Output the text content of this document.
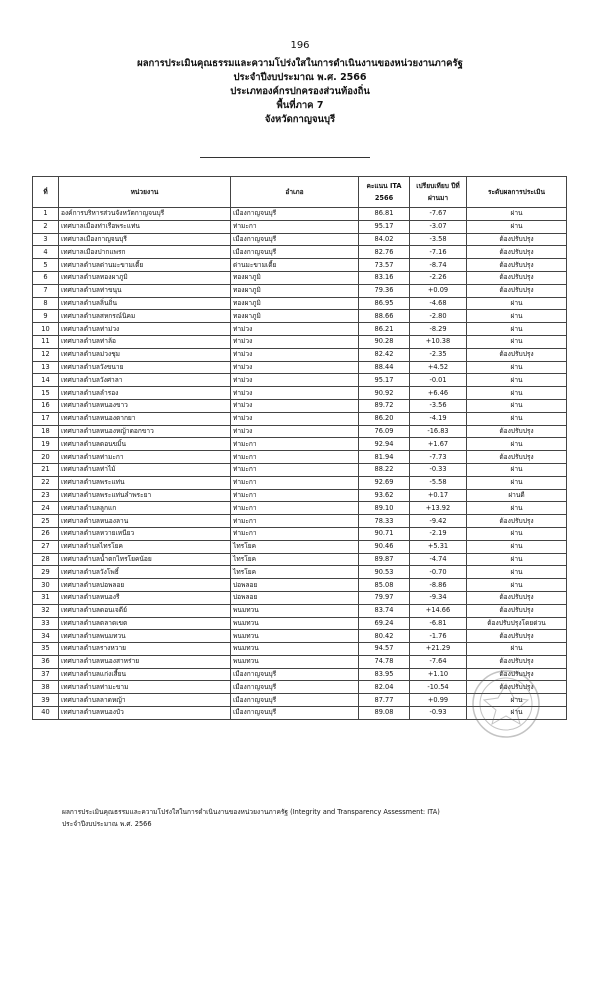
196
ผลการประเมินคุณธรรมและความโปร่งใสในการดำเนินงานของหน่วยงานภาครัฐ
ประจำปีงบประมาณ พ.ศ. 2566
ประเภทองค์กรปกครองส่วนท้องถิ่น
พื้นที่ภาค 7
จังหวัดกาญจนบุรี
ที่	หน่วยงาน	อำเภอ	คะแนน ITA 2566	เปรียบเทียบ ปีที่ผ่านมา	ระดับผลการประเมิน
1	องค์การบริหารส่วนจังหวัดกาญจนบุรี	เมืองกาญจนบุรี	86.81	-7.67	ผ่าน
2	เทศบาลเมืองท่าเรือพระแท่น	ท่ามะกา	95.17	-3.07	ผ่าน
3	เทศบาลเมืองกาญจนบุรี	เมืองกาญจนบุรี	84.02	-3.58	ต้องปรับปรุง
4	เทศบาลเมืองปากแพรก	เมืองกาญจนบุรี	82.76	-7.16	ต้องปรับปรุง
5	เทศบาลตำบลด่านมะขามเตี้ย	ด่านมะขามเตี้ย	73.57	-8.74	ต้องปรับปรุง
6	เทศบาลตำบลทองผาภูมิ	ทองผาภูมิ	83.16	-2.26	ต้องปรับปรุง
7	เทศบาลตำบลท่าขนุน	ทองผาภูมิ	79.36	+0.09	ต้องปรับปรุง
8	เทศบาลตำบลลิ่นถิ่น	ทองผาภูมิ	86.95	-4.68	ผ่าน
9	เทศบาลตำบลสหกรณ์นิคม	ทองผาภูมิ	88.66	-2.80	ผ่าน
10	เทศบาลตำบลท่าม่วง	ท่าม่วง	86.21	-8.29	ผ่าน
11	เทศบาลตำบลท่าล้อ	ท่าม่วง	90.28	+10.38	ผ่าน
12	เทศบาลตำบลม่วงชุม	ท่าม่วง	82.42	-2.35	ต้องปรับปรุง
13	เทศบาลตำบลวังขนาย	ท่าม่วง	88.44	+4.52	ผ่าน
14	เทศบาลตำบลวังศาลา	ท่าม่วง	95.17	-0.01	ผ่าน
15	เทศบาลตำบลลำรอง	ท่าม่วง	90.92	+6.46	ผ่าน
16	เทศบาลตำบลหนองขาว	ท่าม่วง	89.72	-3.56	ผ่าน
17	เทศบาลตำบลหนองตากยา	ท่าม่วง	86.20	-4.19	ผ่าน
18	เทศบาลตำบลหนองหญ้าดอกขาว	ท่าม่วง	76.09	-16.83	ต้องปรับปรุง
19	เทศบาลตำบลดอนขมิ้น	ท่ามะกา	92.94	+1.67	ผ่าน
20	เทศบาลตำบลท่ามะกา	ท่ามะกา	81.94	-7.73	ต้องปรับปรุง
21	เทศบาลตำบลท่าไม้	ท่ามะกา	88.22	-0.33	ผ่าน
22	เทศบาลตำบลพระแท่น	ท่ามะกา	92.69	-5.58	ผ่าน
23	เทศบาลตำบลพระแท่นลำพระยา	ท่ามะกา	93.62	+0.17	ผ่านดี
24	เทศบาลตำบลลูกแก	ท่ามะกา	89.10	+13.92	ผ่าน
25	เทศบาลตำบลหนองลาน	ท่ามะกา	78.33	-9.42	ต้องปรับปรุง
26	เทศบาลตำบลหวายเหนียว	ท่ามะกา	90.71	-2.19	ผ่าน
27	เทศบาลตำบลไทรโยค	ไทรโยค	90.46	+5.31	ผ่าน
28	เทศบาลตำบลน้ำตกไทรโยคน้อย	ไทรโยค	89.87	-4.74	ผ่าน
29	เทศบาลตำบลวังโพธิ์	ไทรโยค	90.53	-0.70	ผ่าน
30	เทศบาลตำบลบ่อพลอย	บ่อพลอย	85.08	-8.86	ผ่าน
31	เทศบาลตำบลหนองรี	บ่อพลอย	79.97	-9.34	ต้องปรับปรุง
32	เทศบาลตำบลดอนเจดีย์	พนมทวน	83.74	+14.66	ต้องปรับปรุง
33	เทศบาลตำบลตลาดเขต	พนมทวน	69.24	-6.81	ต้องปรับปรุงโดยด่วน
34	เทศบาลตำบลพนมทวน	พนมทวน	80.42	-1.76	ต้องปรับปรุง
35	เทศบาลตำบลรางหวาย	พนมทวน	94.57	+21.29	ผ่าน
36	เทศบาลตำบลหนองสาหร่าย	พนมทวน	74.78	-7.64	ต้องปรับปรุง
37	เทศบาลตำบลแก่งเสี้ยน	เมืองกาญจนบุรี	83.95	+1.10	ต้องปรับปรุง
38	เทศบาลตำบลท่ามะขาม	เมืองกาญจนบุรี	82.04	-10.54	ต้องปรับปรุง
39	เทศบาลตำบลลาดหญ้า	เมืองกาญจนบุรี	87.77	+0.99	ผ่าน
40	เทศบาลตำบลหนองบัว	เมืองกาญจนบุรี	89.08	-0.93	ผ่าน
ผลการประเมินคุณธรรมและความโปร่งใสในการดำเนินงานของหน่วยงานภาครัฐ (Integrity and Transparency Assessment: ITA)
ประจำปีงบประมาณ พ.ศ. 2566
